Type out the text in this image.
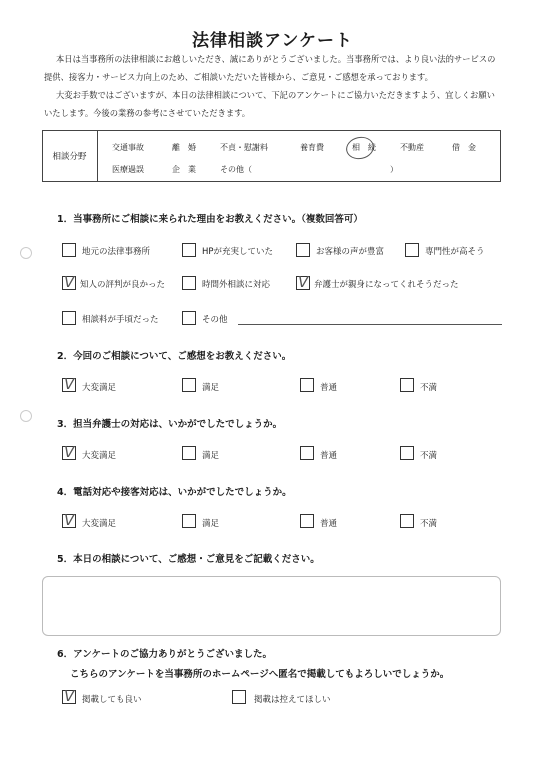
法律相談アンケート
本日は当事務所の法律相談にお越しいただき、誠にありがとうございました。当事務所では、より良い法的サービスの
提供、接客力・サービス力向上のため、ご相談いただいた皆様から、ご意見・ご感想を承っております。
大変お手数ではございますが、本日の法律相談について、下記のアンケートにご協力いただきますよう、宜しくお願い
いたします。今後の業務の参考にさせていただきます。
相談分野
交通事故	離　婚	不貞・慰謝料	養育費	相　続	不動産	借　金
医療過誤	企　業	その他（	）
1．当事務所にご相談に来られた理由をお教えください。（複数回答可）
地元の法律事務所	HPが充実していた	お客様の声が豊富	専門性が高そう
V 知人の評判が良かった	時間外相談に対応 V 弁護士が親身になってくれそうだった
相談料が手頃だった	その他
2．今回のご相談について、ご感想をお教えください。
V 大変満足	満足	普通	不満
3．担当弁護士の対応は、いかがでしたでしょうか。
V 大変満足	満足	普通	不満
4．電話対応や接客対応は、いかがでしたでしょうか。
V 大変満足	満足	普通	不満
5．本日の相談について、ご感想・ご意見をご記載ください。
6．アンケートのご協力ありがとうございました。
こちらのアンケートを当事務所のホームページへ匿名で掲載してもよろしいでしょうか。
V 掲載しても良い	掲載は控えてほしい
